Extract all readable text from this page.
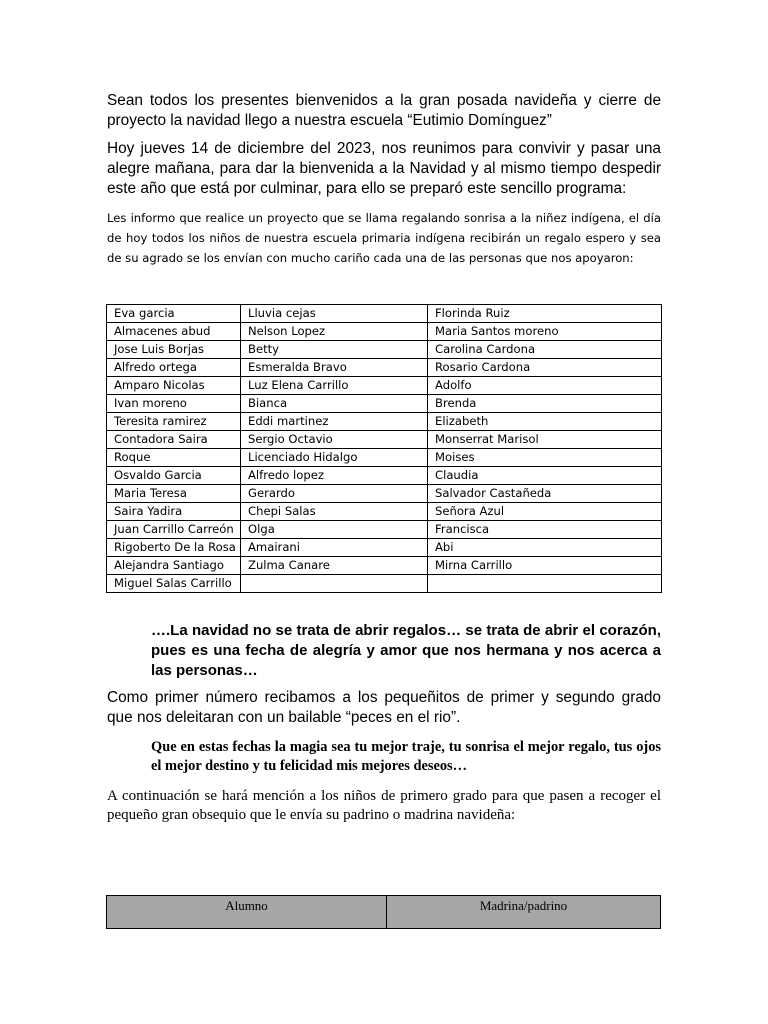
Sean todos los presentes bienvenidos a la gran posada navideña y cierre de proyecto la navidad llego a nuestra escuela “Eutimio Domínguez”

Hoy jueves 14 de diciembre del 2023, nos reunimos para convivir y pasar una alegre mañana, para dar la bienvenida a la Navidad y al mismo tiempo despedir este año que está por culminar, para ello se preparó este sencillo programa:

Les informo que realice un proyecto que se llama regalando sonrisa a la niñez indígena, el día de hoy todos los niños de nuestra escuela primaria indígena recibirán un regalo espero y sea de su agrado se los envían con mucho cariño cada una de las personas que nos apoyaron:

Eva garcia	Lluvia cejas	Florinda Ruiz
Almacenes abud	Nelson Lopez	Maria Santos moreno
Jose Luis Borjas	Betty	Carolina Cardona
Alfredo ortega	Esmeralda Bravo	Rosario Cardona
Amparo Nicolas	Luz Elena Carrillo	Adolfo
Ivan moreno	Bianca	Brenda
Teresita ramirez	Eddi martinez	Elizabeth
Contadora Saira	Sergio Octavio	Monserrat Marisol
Roque	Licenciado Hidalgo	Moises
Osvaldo Garcia	Alfredo lopez	Claudia
Maria Teresa	Gerardo	Salvador Castañeda
Saira Yadira	Chepi Salas	Señora Azul
Juan Carrillo Carreón	Olga	Francisca
Rigoberto De la Rosa	Amairani	Abi
Alejandra Santiago	Zulma Canare	Mirna Carrillo
Miguel Salas Carrillo		

….La navidad no se trata de abrir regalos… se trata de abrir el corazón, pues es una fecha de alegría y amor que nos hermana y nos acerca a las personas…

Como primer número recibamos a los pequeñitos de primer y segundo grado que nos deleitaran con un bailable “peces en el rio”.

Que en estas fechas la magia sea tu mejor traje, tu sonrisa el mejor regalo, tus ojos el mejor destino y tu felicidad mis mejores deseos…

A continuación se hará mención a los niños de primero grado para que pasen a recoger el pequeño gran obsequio que le envía su padrino o madrina navideña:

Alumno	Madrina/padrino
